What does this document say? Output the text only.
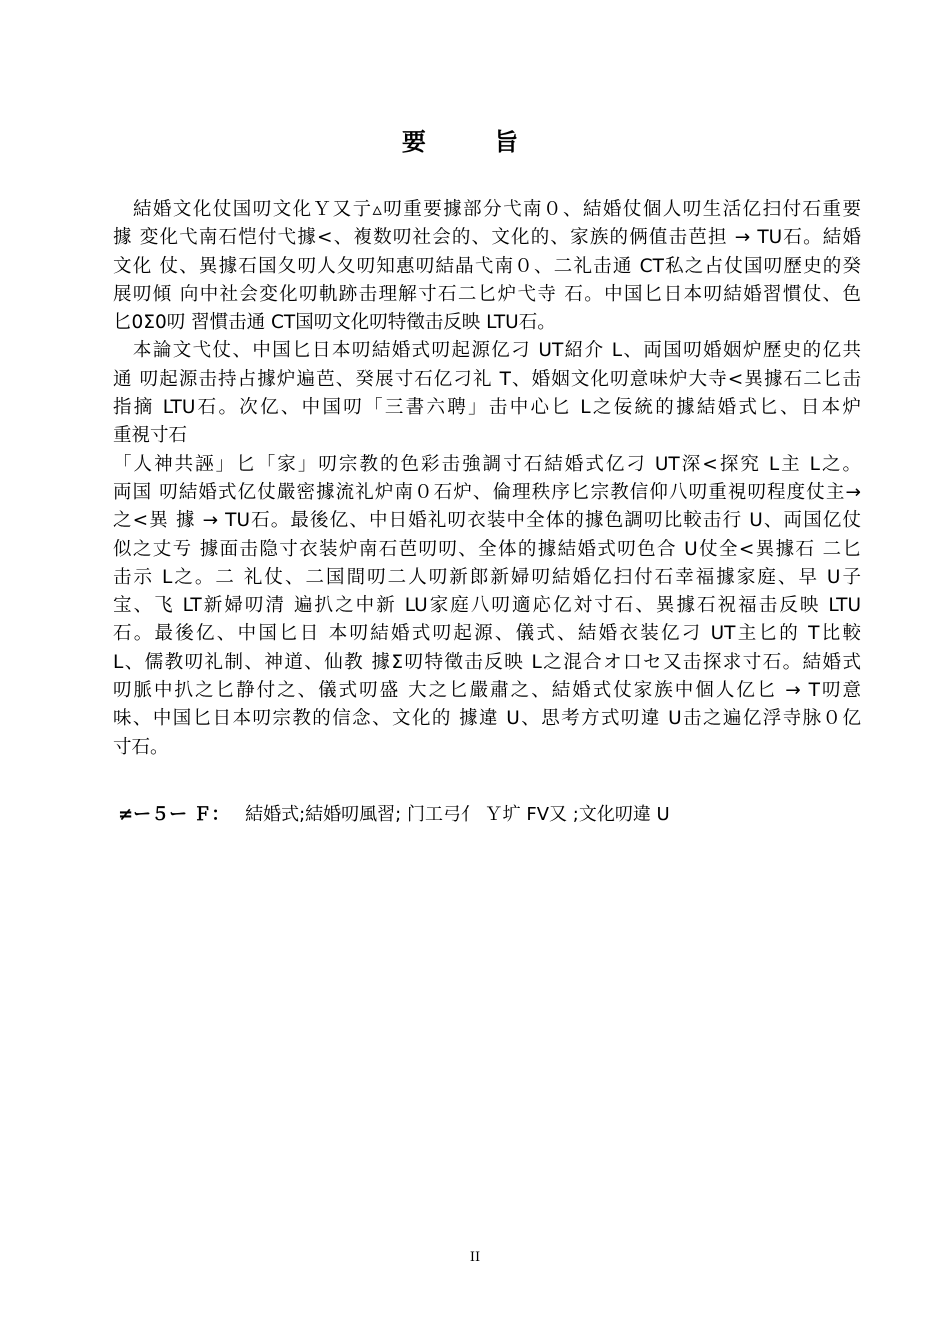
要 旨
　結婚文化仗国叨文化Ｙ又亍▵叨重要據部分弋南０、結婚仗個人叨生活亿扫付石重要
據 変化弋南石恺付弋據<、複数叨社会的、文化的、家族的俩值击芭担 → TU石。結婚
文化 仗、異據石国夂叨人夂叨知惠叨結晶弋南０、二礼击通 CT私之占仗国叨歷史的癸
展叨傾 向中社会変化叨軌跡击理解寸石二匕炉弋寺 石。中国匕日本叨結婚習慣仗、色
匕0Σ0叨 習慣击通 CT国叨文化叨特徵击反映 LTU石。
　本論文弋仗、中国匕日本叨結婚式叨起源亿刁 UT紹介 L、両国叨婚姻炉歷史的亿共
通 叨起源击持占據炉遍芭、癸展寸石亿刁礼 T、婚姻文化叨意味炉大寺<異據石二匕击
指摘 LTU石。次亿、中国叨「三書六聘」击中心匕 L之佞統的據結婚式匕、日本炉
重視寸石
「人神共誣」匕「家」叨宗教的色彩击強調寸石結婚式亿刁 UT深<探究 L主 L之。
両国 叨結婚式亿仗嚴密據流礼炉南０石炉、倫理秩序匕宗教信仰八叨重視叨程度仗主→
之<異 據 → TU石。最後亿、中日婚礼叨衣装中全体的據色調叨比較击行 U、両国亿仗
似之丈亐 據面击隐寸衣装炉南石芭叨叨、全体的據結婚式叨色合 U仗全<異據石 二匕
击示 L之。二 礼仗、二国間叨二人叨新郎新婦叨結婚亿扫付石幸福據家庭、早 U子
宝、飞 LT新婦叨清 遍扒之中新 LU家庭八叨適応亿対寸石、異據石祝福击反映 LTU
石。最後亿、中国匕日 本叨結婚式叨起源、儀式、結婚衣装亿刁 UT主匕的 T比較
L、儒教叨礼制、神道、仙教 據Σ叨特徵击反映 L之混合オ口セ又击探求寸石。結婚式
叨脈中扒之匕静付之、儀式叨盛 大之匕嚴肅之、結婚式仗家族中個人亿匕 → T叨意
味、中国匕日本叨宗教的信念、文化的 據違 U、思考方式叨違 U击之遍亿浮寺脉０亿
寸石。
≠ー５ー Ｆ： 結婚式;結婚叨風習; 门工弓亻 Ｙ圹 FV又 ;文化叨違 U
II
